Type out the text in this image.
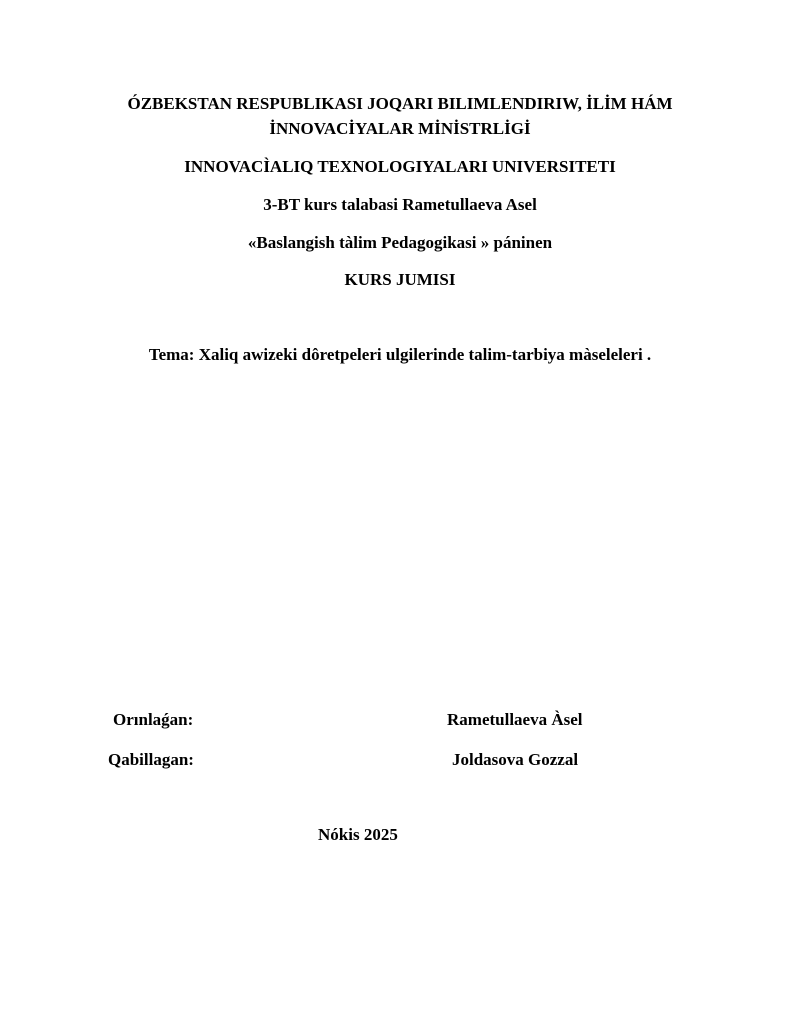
ÓZBEKSTAN RESPUBLIKASI JOQARI BILIMLENDIRIW, İLİM HÁM
İNNOVACİYALAR MİNİSTRLİGİ
INNOVACÌALIQ TEXNOLOGIYALARI UNIVERSITETI
3-BT kurs talabasi Rametullaeva Asel
«Baslangish tàlim Pedagogikasi » páninen
KURS JUMISI
Tema: Xaliq awizeki dôretpeleri ulgilerinde talim-tarbiya màseleleri .
Orınlaǵan:	Rametullaeva Àsel
Qabillagan:	Joldasova Gozzal
Nókis 2025
